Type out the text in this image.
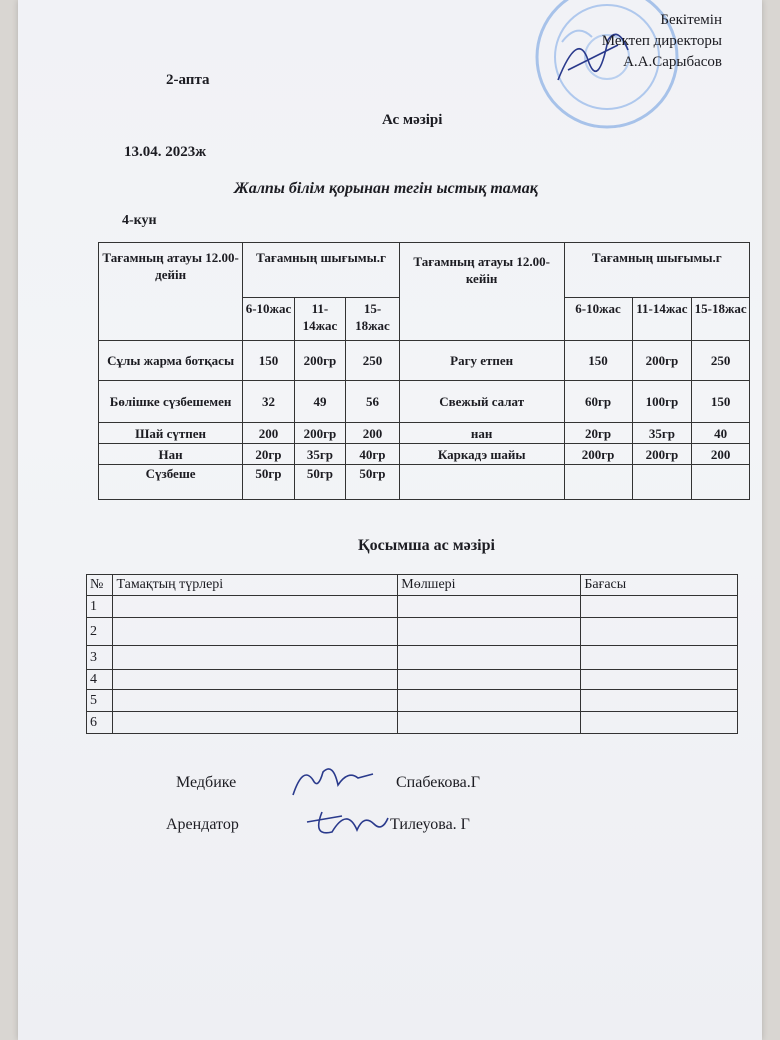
Бекітемін
Мектеп директоры
А.А.Сарыбасов
2-апта
Ас мәзірі
13.04. 2023ж
Жалпы білім қорынан тегін ыстық тамақ
4-кун
Тағамның атауы 12.00-дейін	Тағамның шығымы.г			Тағамның атауы 12.00-кейін	Тағамның шығымы.г		
	6-10жас	11-14жас	15-18жас		6-10жас	11-14жас	15-18жас
Сұлы жарма ботқасы	150	200гр	250	Рагу етпен	150	200гр	250
Бөлішке сүзбешемен	32	49	56	Свежый салат	60гр	100гр	150
Шай сүтпен	200	200гр	200	нан	20гр	35гр	40
Нан	20гр	35гр	40гр	Каркадэ шайы	200гр	200гр	200
Сүзбеше	50гр	50гр	50гр				
Қосымша ас мәзірі
№	Тамақтың түрлері	Мөлшері	Бағасы
1			
2			
3			
4			
5			
6			
Медбике	Спабекова.Г
Арендатор	Тилеуова. Г
